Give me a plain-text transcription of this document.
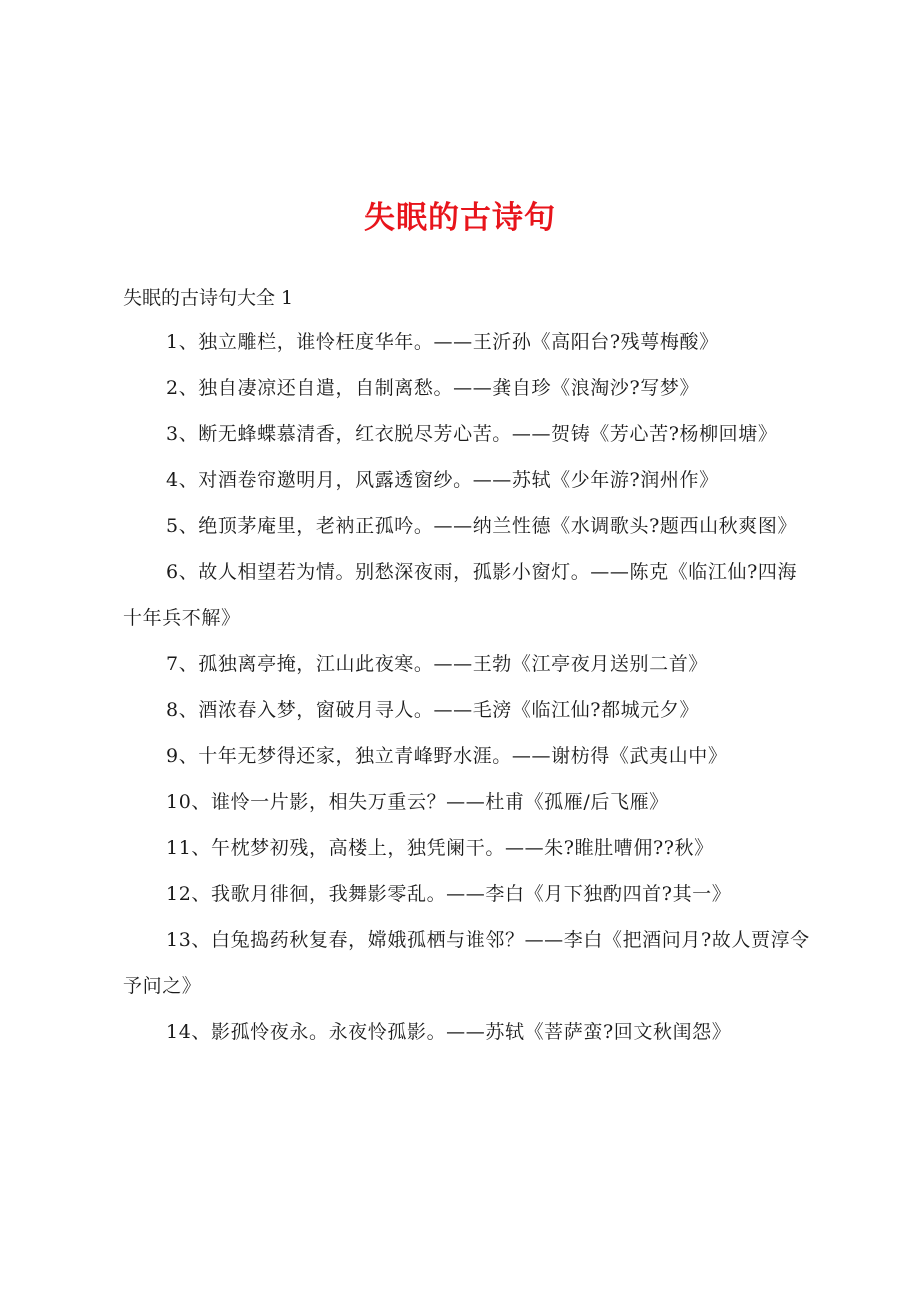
失眠的古诗句
失眠的古诗句大全 1
1、独立雕栏，谁怜枉度华年。——王沂孙《高阳台?残萼梅酸》
2、独自凄凉还自遣，自制离愁。——龚自珍《浪淘沙?写梦》
3、断无蜂蝶慕清香，红衣脱尽芳心苦。——贺铸《芳心苦?杨柳回塘》
4、对酒卷帘邀明月，风露透窗纱。——苏轼《少年游?润州作》
5、绝顶茅庵里，老衲正孤吟。——纳兰性德《水调歌头?题西山秋爽图》
6、故人相望若为情。别愁深夜雨，孤影小窗灯。——陈克《临江仙?四海十年兵不解》
7、孤独离亭掩，江山此夜寒。——王勃《江亭夜月送别二首》
8、酒浓春入梦，窗破月寻人。——毛滂《临江仙?都城元夕》
9、十年无梦得还家，独立青峰野水涯。——谢枋得《武夷山中》
10、谁怜一片影，相失万重云？——杜甫《孤雁/后飞雁》
11、午枕梦初残，高楼上，独凭阑干。——朱?睢肚嘈佣??秋》
12、我歌月徘徊，我舞影零乱。——李白《月下独酌四首?其一》
13、白兔捣药秋复春，嫦娥孤栖与谁邻？——李白《把酒问月?故人贾淳令予问之》
14、影孤怜夜永。永夜怜孤影。——苏轼《菩萨蛮?回文秋闺怨》
